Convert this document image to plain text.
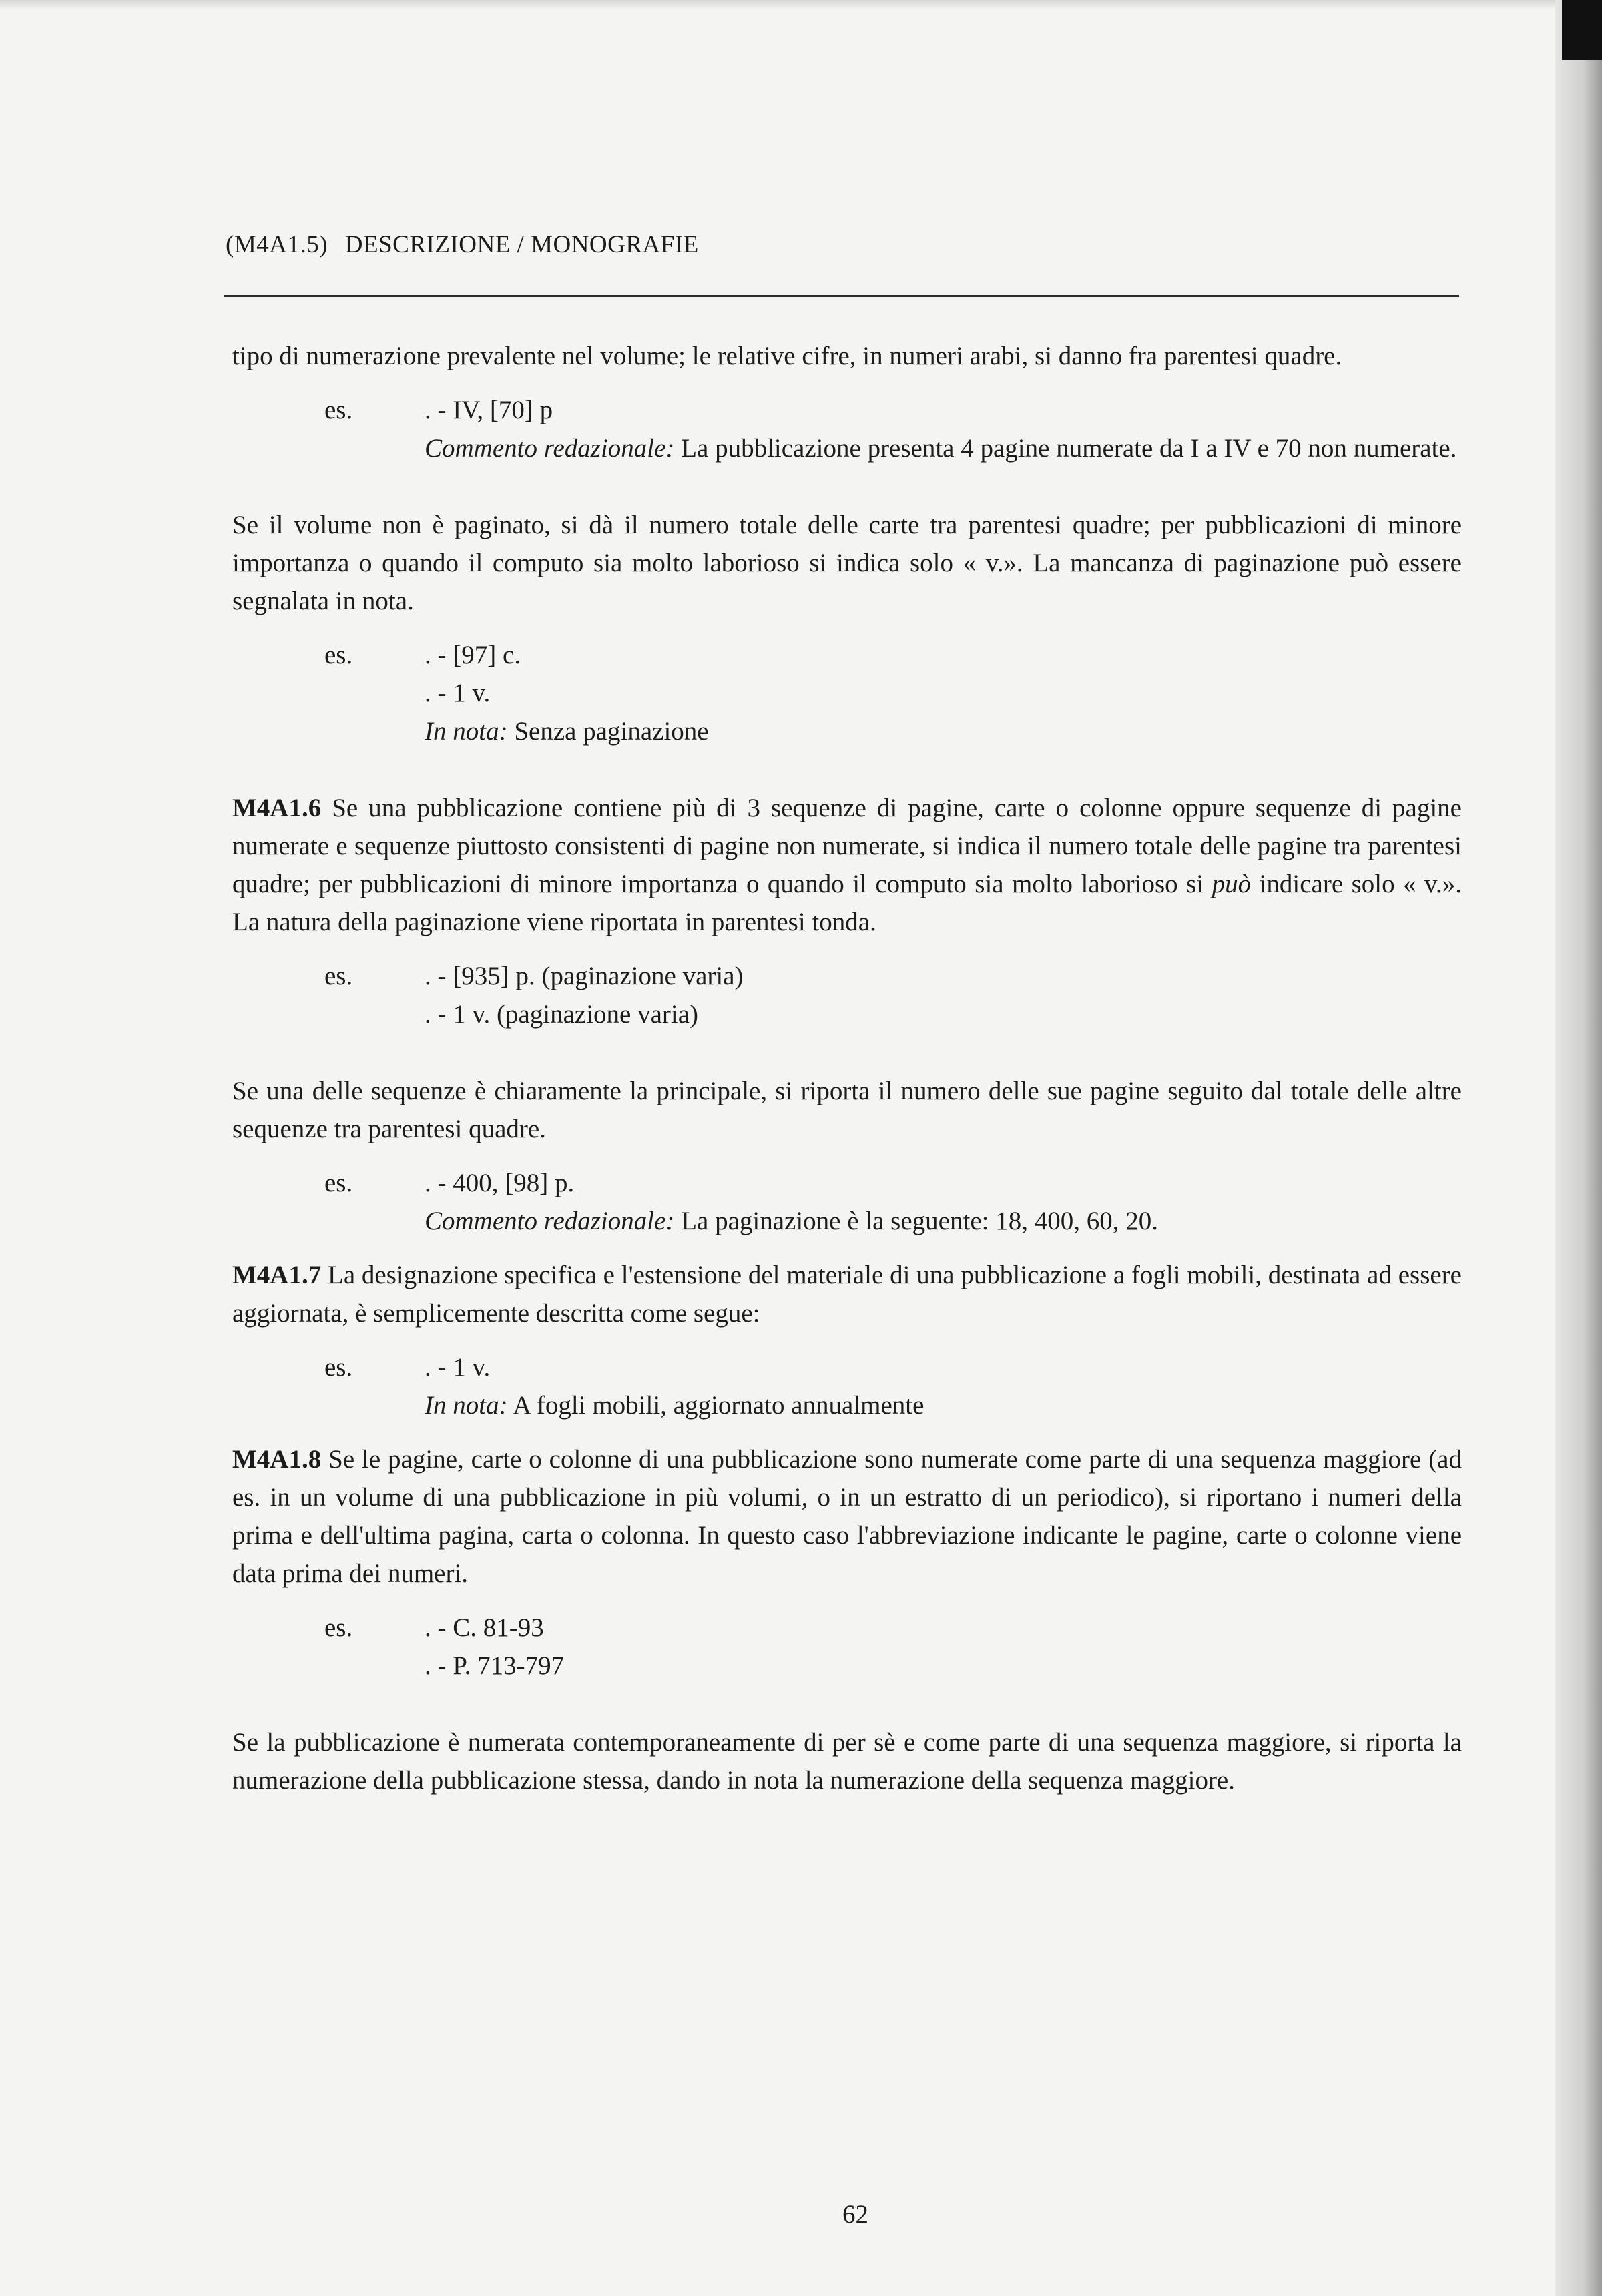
(M4A1.5) DESCRIZIONE / MONOGRAFIE

tipo di numerazione prevalente nel volume; le relative cifre, in numeri arabi, si danno fra parentesi quadre.

es.	. - IV, [70] p
Commento redazionale: La pubblicazione presenta 4 pagine numerate da I a IV e 70 non numerate.

Se il volume non è paginato, si dà il numero totale delle carte tra parentesi quadre; per pubblicazioni di minore importanza o quando il computo sia molto laborioso si indica solo « v.». La mancanza di paginazione può essere segnalata in nota.

es.	. - [97] c.
. - 1 v.
In nota: Senza paginazione

M4A1.6 Se una pubblicazione contiene più di 3 sequenze di pagine, carte o colonne oppure sequenze di pagine numerate e sequenze piuttosto consistenti di pagine non numerate, si indica il numero totale delle pagine tra parentesi quadre; per pubblicazioni di minore importanza o quando il computo sia molto laborioso si può indicare solo « v.». La natura della paginazione viene riportata in parentesi tonda.

es.	. - [935] p. (paginazione varia)
. - 1 v. (paginazione varia)

Se una delle sequenze è chiaramente la principale, si riporta il numero delle sue pagine seguito dal totale delle altre sequenze tra parentesi quadre.

es.	. - 400, [98] p.
Commento redazionale: La paginazione è la seguente: 18, 400, 60, 20.

M4A1.7 La designazione specifica e l'estensione del materiale di una pubblicazione a fogli mobili, destinata ad essere aggiornata, è semplicemente descritta come segue:

es.	. - 1 v.
In nota: A fogli mobili, aggiornato annualmente

M4A1.8 Se le pagine, carte o colonne di una pubblicazione sono numerate come parte di una sequenza maggiore (ad es. in un volume di una pubblicazione in più volumi, o in un estratto di un periodico), si riportano i numeri della prima e dell'ultima pagina, carta o colonna. In questo caso l'abbreviazione indicante le pagine, carte o colonne viene data prima dei numeri.

es.	. - C. 81-93
. - P. 713-797

Se la pubblicazione è numerata contemporaneamente di per sè e come parte di una sequenza maggiore, si riporta la numerazione della pubblicazione stessa, dando in nota la numerazione della sequenza maggiore.

62
